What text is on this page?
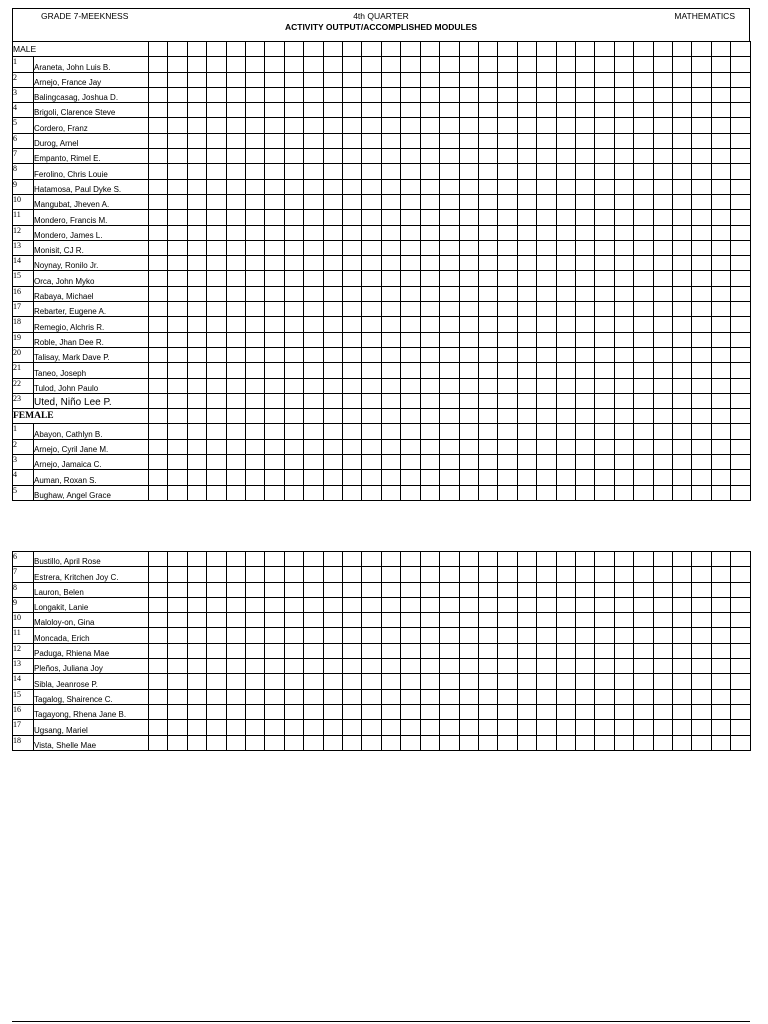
GRADE 7-MEEKNESS	4th QUARTER
ACTIVITY OUTPUT/ACCOMPLISHED MODULES
MATHEMATICS
MALE																																
1	Araneta, John Luis B.																															
2	Arnejo, France Jay																															
3	Balingcasag, Joshua D.																															
4	Brigoli, Clarence Steve																															
5	Cordero, Franz																															
6	Durog, Arnel																															
7	Empanto, Rimel E.																															
8	Ferolino, Chris Louie																															
9	Hatamosa, Paul Dyke S.																															
10	Mangubat, Jheven A.																															
11	Mondero, Francis M.																															
12	Mondero, James L.																															
13	Monisit, CJ R.																															
14	Noynay, Ronilo Jr.																															
15	Orca, John Myko																															
16	Rabaya, Michael																															
17	Rebarter, Eugene A.																															
18	Remegio, Alchris R.																															
19	Roble, Jhan Dee R.																															
20	Talisay, Mark Dave P.																															
21	Taneo, Joseph																															
22	Tulod, John Paulo																															
23	Uted, Niño Lee P.																															
FEMALE																																
1	Abayon, Cathlyn B.																															
2	Arnejo, Cyril Jane M.																															
3	Arnejo, Jamaica C.																															
4	Auman, Roxan S.																															
5	Bughaw, Angel Grace																															
6	Bustillo, April Rose																															
7	Estrera, Kritchen Joy C.																															
8	Lauron, Belen																															
9	Longakit, Lanie																															
10	Maloloy-on, Gina																															
11	Moncada, Erich																															
12	Paduga, Rhiena Mae																															
13	Pleños, Juliana Joy																															
14	Sibla, Jeanrose P.																															
15	Tagalog, Shairence C.																															
16	Tagayong, Rhena Jane B.																															
17	Ugsang, Mariel																															
18	Vista, Shelle Mae																															
